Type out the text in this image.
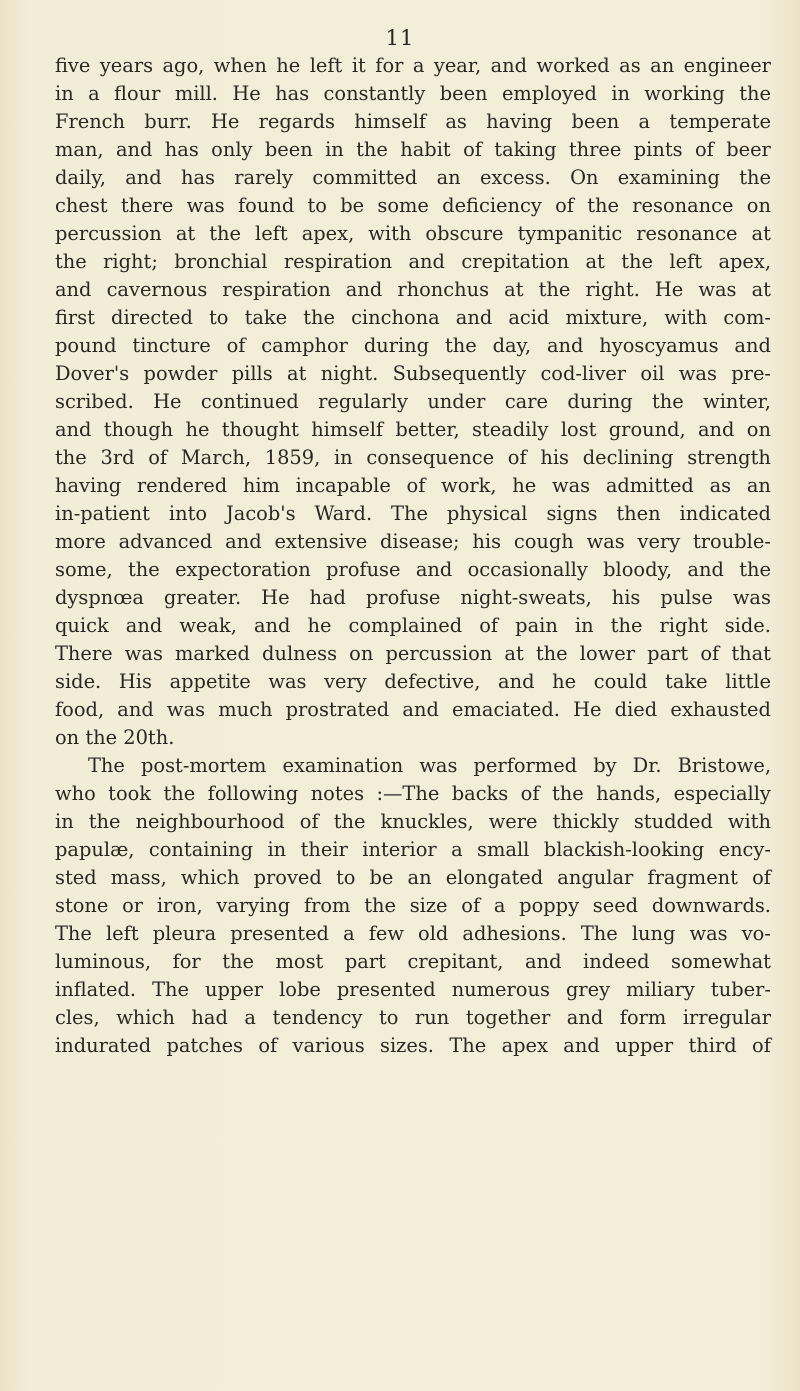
11
five years ago, when he left it for a year, and worked as an engineer
in a flour mill. He has constantly been employed in working the
French burr. He regards himself as having been a temperate
man, and has only been in the habit of taking three pints of beer
daily, and has rarely committed an excess. On examining the
chest there was found to be some deficiency of the resonance on
percussion at the left apex, with obscure tympanitic resonance at
the right; bronchial respiration and crepitation at the left apex,
and cavernous respiration and rhonchus at the right. He was at
first directed to take the cinchona and acid mixture, with com-
pound tincture of camphor during the day, and hyoscyamus and
Dover's powder pills at night. Subsequently cod-liver oil was pre-
scribed. He continued regularly under care during the winter,
and though he thought himself better, steadily lost ground, and on
the 3rd of March, 1859, in consequence of his declining strength
having rendered him incapable of work, he was admitted as an
in-patient into Jacob's Ward. The physical signs then indicated
more advanced and extensive disease; his cough was very trouble-
some, the expectoration profuse and occasionally bloody, and the
dyspnœa greater. He had profuse night-sweats, his pulse was
quick and weak, and he complained of pain in the right side.
There was marked dulness on percussion at the lower part of that
side. His appetite was very defective, and he could take little
food, and was much prostrated and emaciated. He died exhausted
on the 20th.
The post-mortem examination was performed by Dr. Bristowe,
who took the following notes :—The backs of the hands, especially
in the neighbourhood of the knuckles, were thickly studded with
papulæ, containing in their interior a small blackish-looking ency-
sted mass, which proved to be an elongated angular fragment of
stone or iron, varying from the size of a poppy seed downwards.
The left pleura presented a few old adhesions. The lung was vo-
luminous, for the most part crepitant, and indeed somewhat
inflated. The upper lobe presented numerous grey miliary tuber-
cles, which had a tendency to run together and form irregular
indurated patches of various sizes. The apex and upper third of
